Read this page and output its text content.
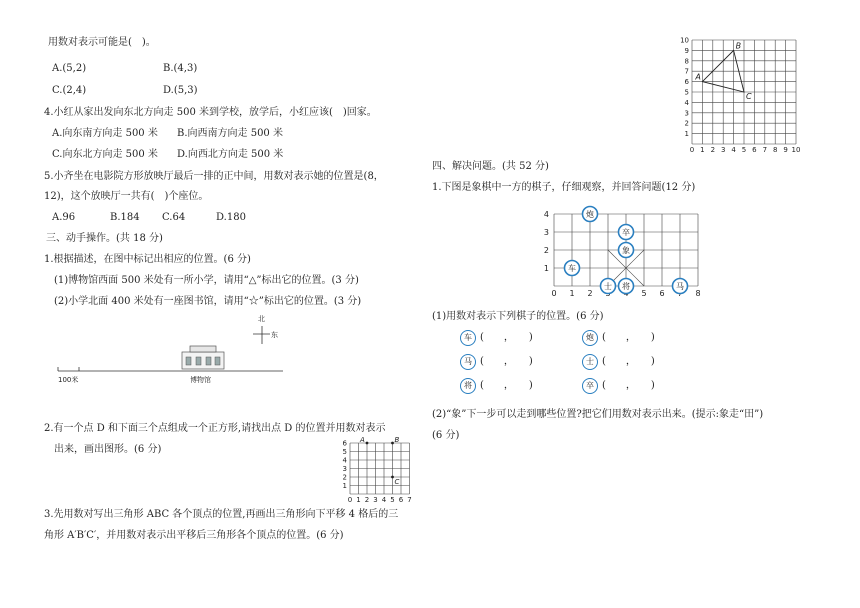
用数对表示可能是(　)。
A.(5,2)	B.(4,3)
C.(2,4)	D.(5,3)
4.小红从家出发向东北方向走 500 米到学校，放学后，小红应该(　)回家。
A.向东南方向走 500 米 B.向西南方向走 500 米
C.向东北方向走 500 米 D.向西北方向走 500 米
5.小齐坐在电影院方形放映厅最后一排的正中间，用数对表示她的位置是(8，
12)，这个放映厅一共有(　)个座位。
A.96	B.184 C.64	D.180
三、动手操作。(共 18 分)
1.根据描述，在图中标记出相应的位置。(6 分)
(1)博物馆西面 500 米处有一所小学，请用“△”标出它的位置。(3 分)
(2)小学北面 400 米处有一座图书馆，请用“☆”标出它的位置。(3 分)
北
东
100米	博物馆
2.有一个点 D 和下面三个点组成一个正方形,请找出点 D 的位置并用数对表示
出来，画出图形。(6 分)
0 1 2 3 4 5 6 7
1
2
3
4
5
6 A	B
C
3.先用数对写出三角形 ABC 各个顶点的位置,再画出三角形向下平移 4 格后的三
角形 A′B′C′，并用数对表示出平移后三角形各个顶点的位置。(6 分)
0 1 2 3 4 5 6 7 8 9 10
1
2
3
4
5
6
7
8
9
10
A
B
C
四、解决问题。(共 52 分)
1.下图是象棋中一方的棋子，仔细观察，并回答问题(12 分)
0 1 2	5 6	8
1
2
3
4	炮
卒
象
车
士 将	马
(1)用数对表示下列棋子的位置。(6 分)
车 (　　，　　)	炮 (　　，　　)
马 (　　，　　)	士 (　　，　　)
将 (　　，　　)	卒 (　　，　　)
(2)“象”下一步可以走到哪些位置?把它们用数对表示出来。(提示:象走“田”)
(6 分)
